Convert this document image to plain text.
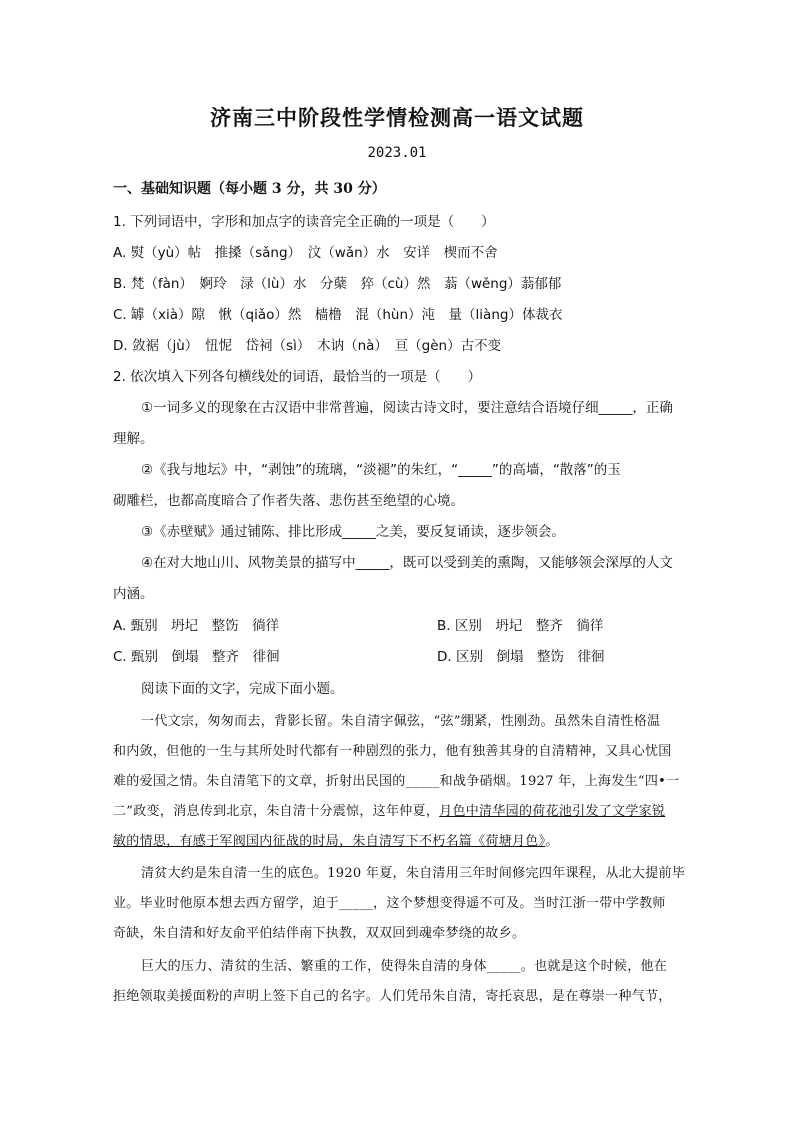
济南三中阶段性学情检测高一语文试题
2023.01
一、基础知识题（每小题 3 分，共 30 分）
1. 下列词语中，字形和加点字的读音完全正确的一项是（　　）
A. 熨（yù）帖　推搡（sǎng）　汶（wǎn）水　安详　楔而不舍
B. 梵（fàn）　婀玲　渌（lù）水　分蘖　猝（cù）然　蓊（wěng）蓊郁郁
C. 罅（xià）隙　愀（qiǎo）然　樯橹　混（hùn）沌　量（liàng）体裁衣
D. 敛裾（jù）　忸怩　岱祠（sì）　木讷（nà）　亘（gèn）古不变
2. 依次填入下列各句横线处的词语，最恰当的一项是（　　）
①一词多义的现象在古汉语中非常普遍，阅读古诗文时，要注意结合语境仔细_____，正确
理解。
②《我与地坛》中，“剥蚀”的琉璃，“淡褪”的朱红，“_____”的高墙，“散落”的玉
砌雕栏，也都高度暗合了作者失落、悲伤甚至绝望的心境。
③《赤壁赋》通过铺陈、排比形成_____之美，要反复诵读，逐步领会。
④在对大地山川、风物美景的描写中_____，既可以受到美的熏陶，又能够领会深厚的人文
内涵。
A. 甄别　坍圮　整饬　徜徉	B. 区别　坍圮　整齐　徜徉
C. 甄别　倒塌　整齐　徘徊	D. 区别　倒塌　整饬　徘徊
阅读下面的文字，完成下面小题。
一代文宗，匆匆而去，背影长留。朱自清字佩弦，“弦”绷紧，性刚劲。虽然朱自清性格温
和内敛，但他的一生与其所处时代都有一种剧烈的张力，他有独善其身的自清精神，又具心忧国
难的爱国之情。朱自清笔下的文章，折射出民国的_____和战争硝烟。1927 年，上海发生“四•一
二”政变，消息传到北京，朱自清十分震惊，这年仲夏，月色中清华园的荷花池引发了文学家锐
敏的情思，有感于军阀国内征战的时局，朱自清写下不朽名篇《荷塘月色》。
清贫大约是朱自清一生的底色。1920 年夏，朱自清用三年时间修完四年课程，从北大提前毕
业。毕业时他原本想去西方留学，迫于_____，这个梦想变得遥不可及。当时江浙一带中学教师
奇缺，朱自清和好友俞平伯结伴南下执教，双双回到魂牵梦绕的故乡。
巨大的压力、清贫的生活、繁重的工作，使得朱自清的身体_____。也就是这个时候，他在
拒绝领取美援面粉的声明上签下自己的名字。人们凭吊朱自清，寄托哀思，是在尊崇一种气节，
